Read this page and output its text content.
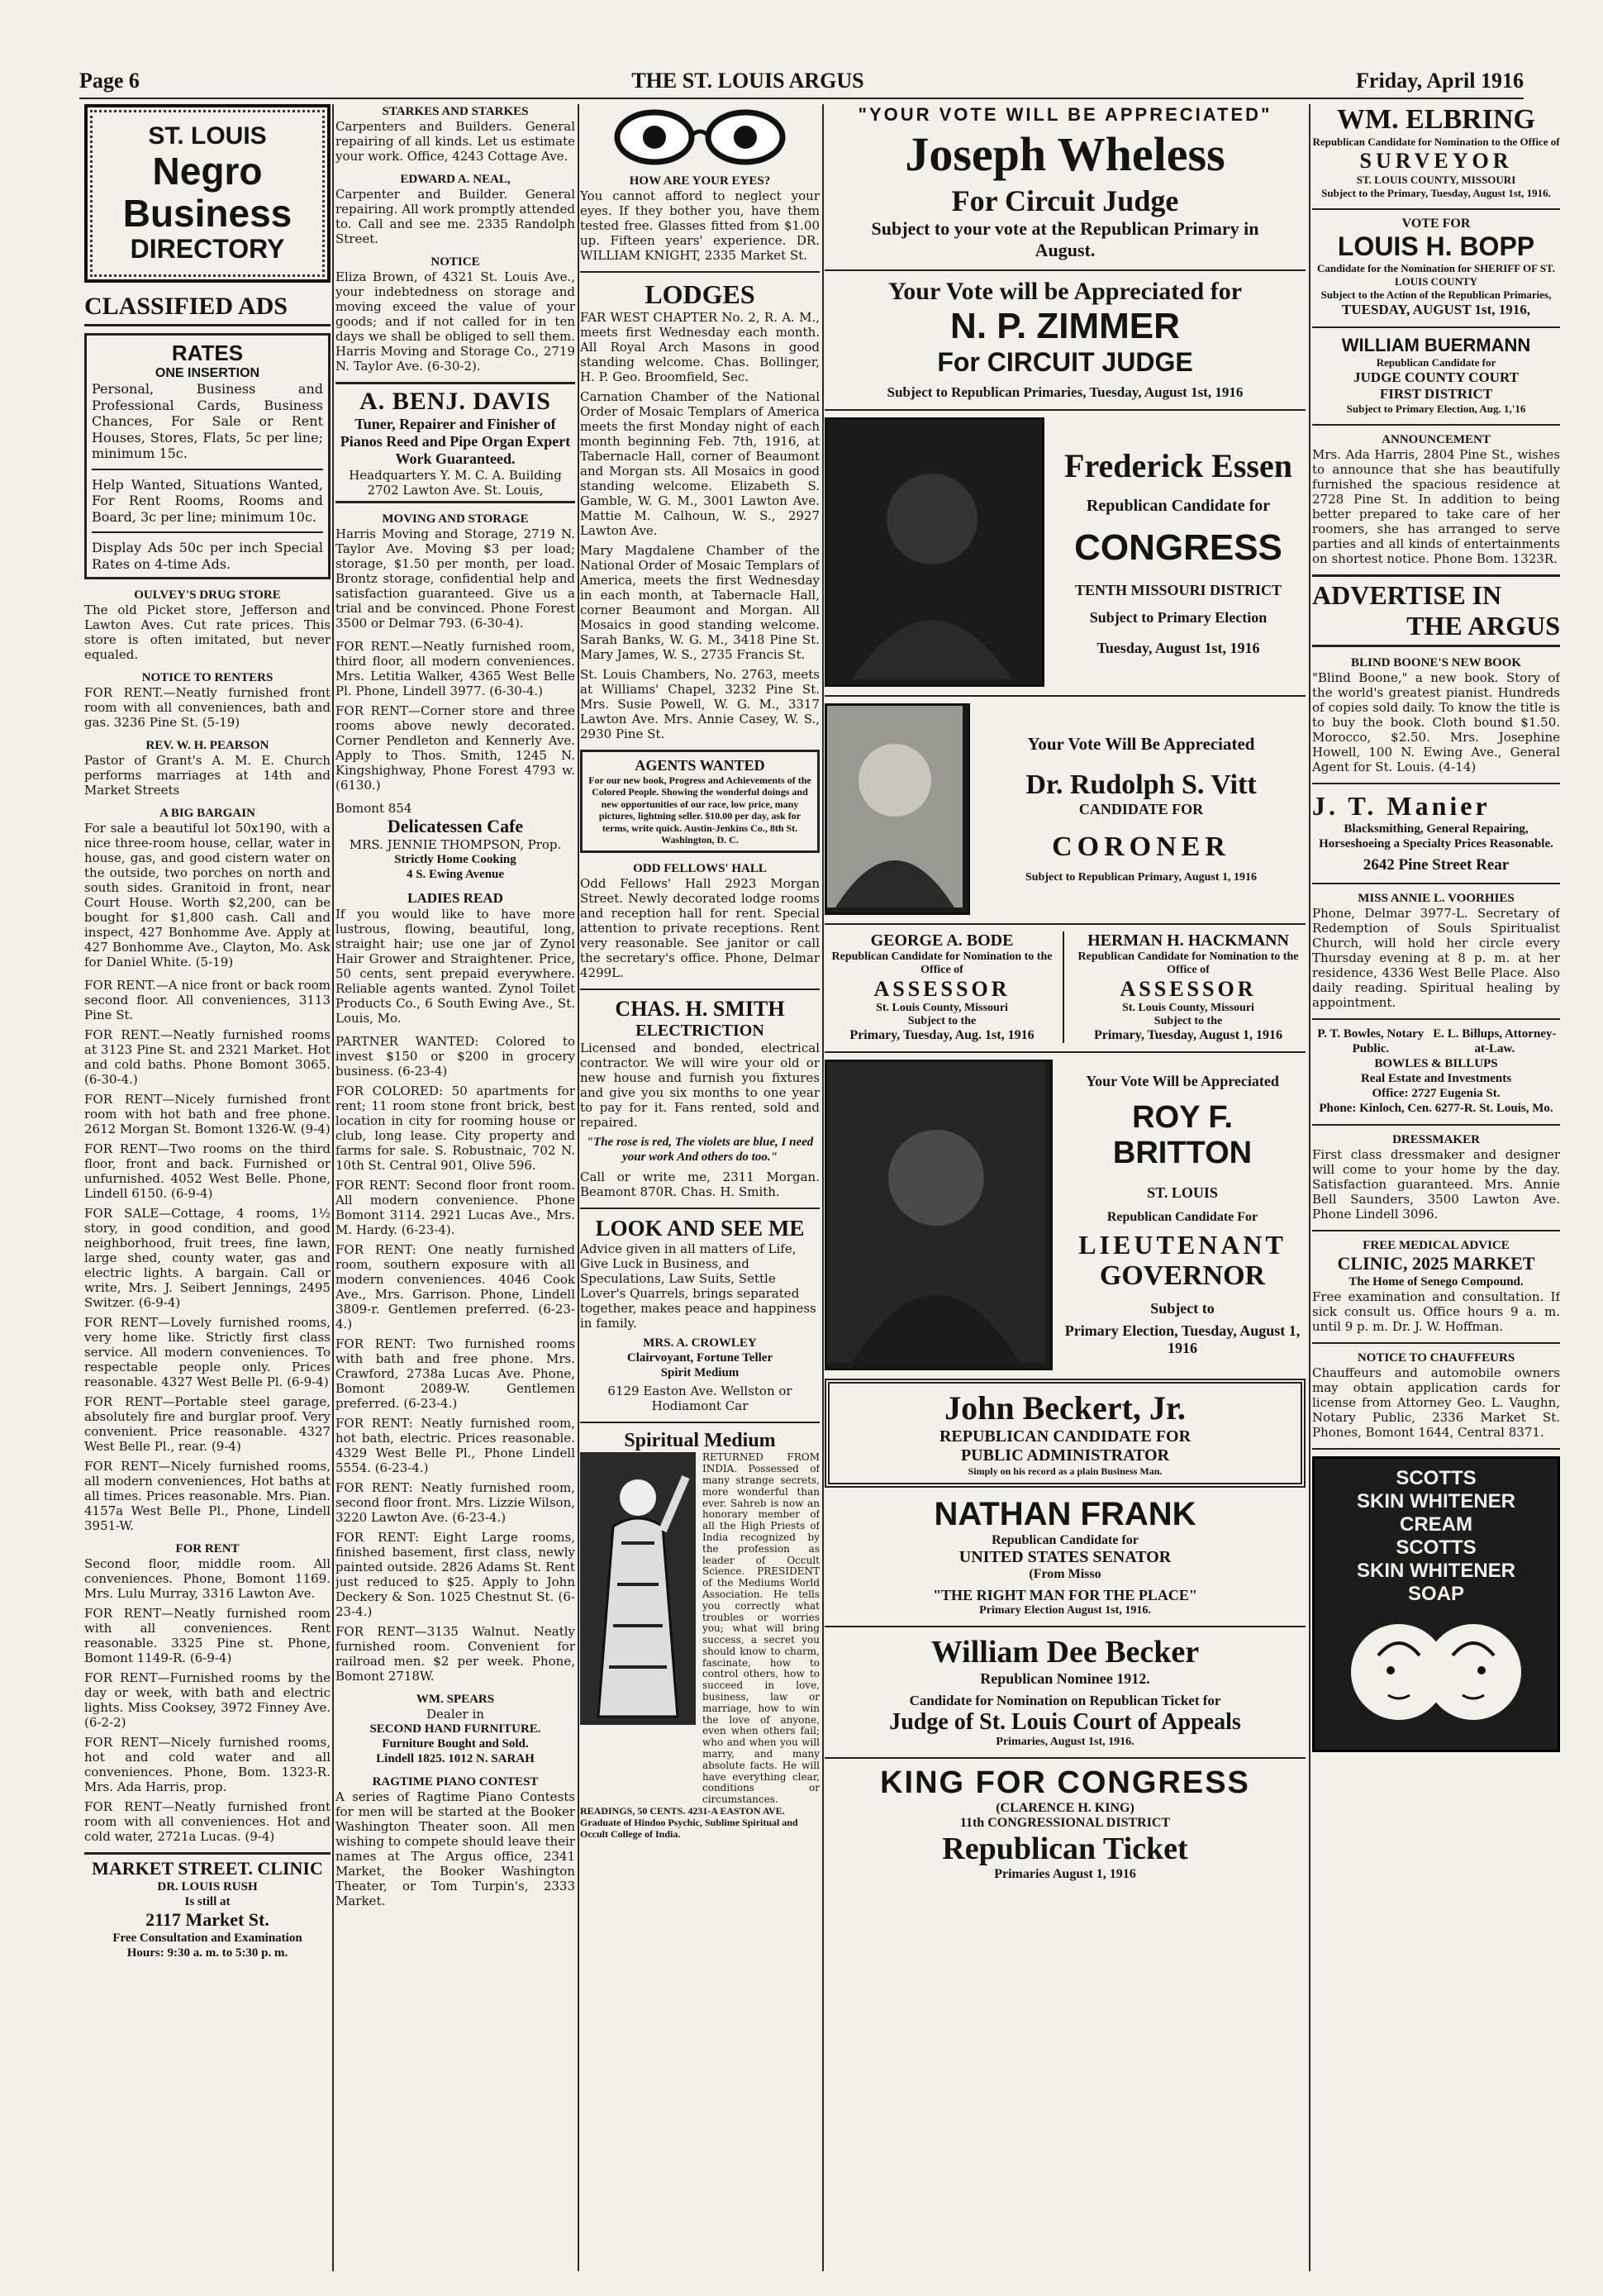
Page 6	THE ST. LOUIS ARGUS	Friday, April 1916

ST. LOUIS

Negro Business

DIRECTORY

CLASSIFIED ADS

RATES

ONE INSERTION

Personal, Business and Professional Cards, Business Chances, For Sale or Rent Houses, Stores, Flats, 5c per line; minimum 15c.

Help Wanted, Situations Wanted, For Rent Rooms, Rooms and Board, 3c per line; minimum 10c.

Display Ads 50c per inch Special Rates on 4-time Ads.

OULVEY'S DRUG STORE

The old Picket store, Jefferson and Lawton Aves. Cut rate prices. This store is often imitated, but never equaled.

NOTICE TO RENTERS

FOR RENT.—Neatly furnished front room with all conveniences, bath and gas. 3236 Pine St. (5-19)

REV. W. H. PEARSON

Pastor of Grant's A. M. E. Church performs marriages at 14th and Market Streets

A BIG BARGAIN

For sale a beautiful lot 50x190, with a nice three-room house, cellar, water in house, gas, and good cistern water on the outside, two porches on north and south sides. Granitoid in front, near Court House. Worth $2,200, can be bought for $1,800 cash. Call and inspect, 427 Bonhomme Ave. Apply at 427 Bonhomme Ave., Clayton, Mo. Ask for Daniel White. (5-19)

FOR RENT.—A nice front or back room second floor. All conveniences, 3113 Pine St.

FOR RENT.—Neatly furnished rooms at 3123 Pine St. and 2321 Market. Hot and cold baths. Phone Bomont 3065. (6-30-4.)

FOR RENT—Nicely furnished front room with hot bath and free phone. 2612 Morgan St. Bomont 1326-W. (9-4)

FOR RENT—Two rooms on the third floor, front and back. Furnished or unfurnished. 4052 West Belle. Phone, Lindell 6150. (6-9-4)

FOR SALE—Cottage, 4 rooms, 1½ story, in good condition, and good neighborhood, fruit trees, fine lawn, large shed, county water, gas and electric lights. A bargain. Call or write, Mrs. J. Seibert Jennings, 2495 Switzer. (6-9-4)

FOR RENT—Lovely furnished rooms, very home like. Strictly first class service. All modern conveniences. To respectable people only. Prices reasonable. 4327 West Belle Pl. (6-9-4)

FOR RENT—Portable steel garage, absolutely fire and burglar proof. Very convenient. Price reasonable. 4327 West Belle Pl., rear. (9-4)

FOR RENT—Nicely furnished rooms, all modern conveniences, Hot baths at all times. Prices reasonable. Mrs. Pian. 4157a West Belle Pl., Phone, Lindell 3951-W.

FOR RENT

Second floor, middle room. All conveniences. Phone, Bomont 1169. Mrs. Lulu Murray, 3316 Lawton Ave.

FOR RENT—Neatly furnished room with all conveniences. Rent reasonable. 3325 Pine st. Phone, Bomont 1149-R. (6-9-4)

FOR RENT—Furnished rooms by the day or week, with bath and electric lights. Miss Cooksey, 3972 Finney Ave. (6-2-2)

FOR RENT—Nicely furnished rooms, hot and cold water and all conveniences. Phone, Bom. 1323-R. Mrs. Ada Harris, prop.

FOR RENT—Neatly furnished front room with all conveniences. Hot and cold water, 2721a Lucas. (9-4)

MARKET STREET. CLINIC

DR. LOUIS RUSH

Is still at

2117 Market St.

Free Consultation and Examination

Hours: 9:30 a. m. to 5:30 p. m.

STARKES AND STARKES

Carpenters and Builders. General repairing of all kinds. Let us estimate your work. Office, 4243 Cottage Ave.

EDWARD A. NEAL,

Carpenter and Builder. General repairing. All work promptly attended to. Call and see me. 2335 Randolph Street.

NOTICE

Eliza Brown, of 4321 St. Louis Ave., your indebtedness on storage and moving exceed the value of your goods; and if not called for in ten days we shall be obliged to sell them. Harris Moving and Storage Co., 2719 N. Taylor Ave. (6-30-2).

A. BENJ. DAVIS

Tuner, Repairer and Finisher of Pianos Reed and Pipe Organ Expert Work Guaranteed.

Headquarters Y. M. C. A. Building

2702 Lawton Ave. St. Louis,

MOVING AND STORAGE

Harris Moving and Storage, 2719 N. Taylor Ave. Moving $3 per load; storage, $1.50 per month, per load. Brontz storage, confidential help and satisfaction guaranteed. Give us a trial and be convinced. Phone Forest 3500 or Delmar 793. (6-30-4).

FOR RENT.—Neatly furnished room, third floor, all modern conveniences. Mrs. Letitia Walker, 4365 West Belle Pl. Phone, Lindell 3977. (6-30-4.)

FOR RENT—Corner store and three rooms above newly decorated. Corner Pendleton and Kennerly Ave. Apply to Thos. Smith, 1245 N. Kingshighway, Phone Forest 4793 w. (6130.)

Bomont 854

Delicatessen Cafe

MRS. JENNIE THOMPSON, Prop.

Strictly Home Cooking

4 S. Ewing Avenue

LADIES READ

If you would like to have more lustrous, flowing, beautiful, long, straight hair; use one jar of Zynol Hair Grower and Straightener. Price, 50 cents, sent prepaid everywhere. Reliable agents wanted. Zynol Toilet Products Co., 6 South Ewing Ave., St. Louis, Mo.

PARTNER WANTED: Colored to invest $150 or $200 in grocery business. (6-23-4)

FOR COLORED: 50 apartments for rent; 11 room stone front brick, best location in city for rooming house or club, long lease. City property and farms for sale. S. Robustnaic, 702 N. 10th St. Central 901, Olive 596.

FOR RENT: Second floor front room. All modern convenience. Phone Bomont 3114. 2921 Lucas Ave., Mrs. M. Hardy. (6-23-4).

FOR RENT: One neatly furnished room, southern exposure with all modern conveniences. 4046 Cook Ave., Mrs. Garrison. Phone, Lindell 3809-r. Gentlemen preferred. (6-23-4.)

FOR RENT: Two furnished rooms with bath and free phone. Mrs. Crawford, 2738a Lucas Ave. Phone, Bomont 2089-W. Gentlemen preferred. (6-23-4.)

FOR RENT: Neatly furnished room, hot bath, electric. Prices reasonable. 4329 West Belle Pl., Phone Lindell 5554. (6-23-4.)

FOR RENT: Neatly furnished room, second floor front. Mrs. Lizzie Wilson, 3220 Lawton Ave. (6-23-4.)

FOR RENT: Eight Large rooms, finished basement, first class, newly painted outside. 2826 Adams St. Rent just reduced to $25. Apply to John Deckery & Son. 1025 Chestnut St. (6-23-4.)

FOR RENT—3135 Walnut. Neatly furnished room. Convenient for railroad men. $2 per week. Phone, Bomont 2718W.

WM. SPEARS

Dealer in

SECOND HAND FURNITURE.

Furniture Bought and Sold.

Lindell 1825. 1012 N. SARAH

RAGTIME PIANO CONTEST

A series of Ragtime Piano Contests for men will be started at the Booker Washington Theater soon. All men wishing to compete should leave their names at The Argus office, 2341 Market, the Booker Washington Theater, or Tom Turpin's, 2333 Market.

HOW ARE YOUR EYES?

You cannot afford to neglect your eyes. If they bother you, have them tested free. Glasses fitted from $1.00 up. Fifteen years' experience. DR. WILLIAM KNIGHT, 2335 Market St.

LODGES

FAR WEST CHAPTER No. 2, R. A. M., meets first Wednesday each month. All Royal Arch Masons in good standing welcome. Chas. Bollinger, H. P. Geo. Broomfield, Sec.

Carnation Chamber of the National Order of Mosaic Templars of America meets the first Monday night of each month beginning Feb. 7th, 1916, at Tabernacle Hall, corner of Beaumont and Morgan sts. All Mosaics in good standing welcome. Elizabeth S. Gamble, W. G. M., 3001 Lawton Ave. Mattie M. Calhoun, W. S., 2927 Lawton Ave.

Mary Magdalene Chamber of the National Order of Mosaic Templars of America, meets the first Wednesday in each month, at Tabernacle Hall, corner Beaumont and Morgan. All Mosaics in good standing welcome. Sarah Banks, W. G. M., 3418 Pine St. Mary James, W. S., 2735 Francis St.

St. Louis Chambers, No. 2763, meets at Williams' Chapel, 3232 Pine St. Mrs. Susie Powell, W. G. M., 3317 Lawton Ave. Mrs. Annie Casey, W. S., 2930 Pine St.

AGENTS WANTED

For our new book, Progress and Achievements of the Colored People. Showing the wonderful doings and new opportunities of our race, low price, many pictures, lightning seller. $10.00 per day, ask for terms, write quick. Austin-Jenkins Co., 8th St. Washington, D. C.

ODD FELLOWS' HALL

Odd Fellows' Hall 2923 Morgan Street. Newly decorated lodge rooms and reception hall for rent. Special attention to private receptions. Rent very reasonable. See janitor or call the secretary's office. Phone, Delmar 4299L.

CHAS. H. SMITH

ELECTRICTION

Licensed and bonded, electrical contractor. We will wire your old or new house and furnish you fixtures and give you six months to one year to pay for it. Fans rented, sold and repaired.

"The rose is red, The violets are blue, I need your work And others do too."

Call or write me, 2311 Morgan. Beamont 870R. Chas. H. Smith.

LOOK AND SEE ME

Advice given in all matters of Life, Give Luck in Business, and Speculations, Law Suits, Settle Lover's Quarrels, brings separated together, makes peace and happiness in family.

MRS. A. CROWLEY

Clairvoyant, Fortune Teller

Spirit Medium

6129 Easton Ave. Wellston or Hodiamont Car

Spiritual Medium

RETURNED FROM INDIA. Possessed of many strange secrets, more wonderful than ever. Sahreb is now an honorary member of all the High Priests of India recognized by the profession as leader of Occult Science. PRESIDENT of the Mediums World Association. He tells you correctly what troubles or worries you; what will bring success, a secret you should know to charm, fascinate, how to control others, how to succeed in love, business, law or marriage, how to win the love of anyone, even when others fail; who and when you will marry, and many absolute facts. He will have everything clear, conditions or circumstances.

READINGS, 50 CENTS. 4231-A EASTON AVE. Graduate of Hindoo Psychic, Sublime Spiritual and Occult College of India.

"YOUR VOTE WILL BE APPRECIATED"

Joseph Wheless

For Circuit Judge

Subject to your vote at the Republican Primary in August.

Your Vote will be Appreciated for

N. P. ZIMMER

For CIRCUIT JUDGE

Subject to Republican Primaries, Tuesday, August 1st, 1916

Frederick Essen

Republican Candidate for

CONGRESS

TENTH MISSOURI DISTRICT

Subject to Primary Election

Tuesday, August 1st, 1916

Your Vote Will Be Appreciated

Dr. Rudolph S. Vitt

CANDIDATE FOR

CORONER

Subject to Republican Primary, August 1, 1916

GEORGE A. BODE

Republican Candidate for Nomination to the Office of

ASSESSOR

St. Louis County, Missouri

Subject to the

Primary, Tuesday, Aug. 1st, 1916

HERMAN H. HACKMANN

Republican Candidate for Nomination to the Office of

ASSESSOR

St. Louis County, Missouri

Subject to the

Primary, Tuesday, August 1, 1916

Your Vote Will be Appreciated

ROY F. BRITTON

ST. LOUIS

Republican Candidate For

LIEUTENANT

GOVERNOR

Subject to

Primary Election, Tuesday, August 1, 1916

John Beckert, Jr.

REPUBLICAN CANDIDATE FOR

PUBLIC ADMINISTRATOR

Simply on his record as a plain Business Man.

NATHAN FRANK

Republican Candidate for

UNITED STATES SENATOR

(From Misso

"THE RIGHT MAN FOR THE PLACE"

Primary Election August 1st, 1916.

William Dee Becker

Republican Nominee 1912.

Candidate for Nomination on Republican Ticket for

Judge of St. Louis Court of Appeals

Primaries, August 1st, 1916.

KING FOR CONGRESS

(CLARENCE H. KING)

11th CONGRESSIONAL DISTRICT

Republican Ticket

Primaries August 1, 1916

WM. ELBRING

Republican Candidate for Nomination to the Office of

SURVEYOR

ST. LOUIS COUNTY, MISSOURI

Subject to the Primary, Tuesday, August 1st, 1916.

VOTE FOR

LOUIS H. BOPP

Candidate for the Nomination for SHERIFF OF ST. LOUIS COUNTY

Subject to the Action of the Republican Primaries,

TUESDAY, AUGUST 1st, 1916,

WILLIAM BUERMANN

Republican Candidate for

JUDGE COUNTY COURT

FIRST DISTRICT

Subject to Primary Election, Aug. 1,'16

ANNOUNCEMENT

Mrs. Ada Harris, 2804 Pine St., wishes to announce that she has beautifully furnished the spacious residence at 2728 Pine St. In addition to being better prepared to take care of her roomers, she has arranged to serve parties and all kinds of entertainments on shortest notice. Phone Bom. 1323R.

ADVERTISE IN

THE ARGUS

BLIND BOONE'S NEW BOOK

"Blind Boone," a new book. Story of the world's greatest pianist. Hundreds of copies sold daily. To know the title is to buy the book. Cloth bound $1.50. Morocco, $2.50. Mrs. Josephine Howell, 100 N. Ewing Ave., General Agent for St. Louis. (4-14)

J. T. Manier

Blacksmithing, General Repairing, Horseshoeing a Specialty Prices Reasonable.

2642 Pine Street Rear

MISS ANNIE L. VOORHIES

Phone, Delmar 3977-L. Secretary of Redemption of Souls Spiritualist Church, will hold her circle every Thursday evening at 8 p. m. at her residence, 4336 West Belle Place. Also daily reading. Spiritual healing by appointment.

P. T. Bowles, Notary Public.

E. L. Billups, Attorney-at-Law.

BOWLES & BILLUPS

Real Estate and Investments

Office: 2727 Eugenia St.

Phone: Kinloch, Cen. 6277-R. St. Louis, Mo.

DRESSMAKER

First class dressmaker and designer will come to your home by the day. Satisfaction guaranteed. Mrs. Annie Bell Saunders, 3500 Lawton Ave. Phone Lindell 3096.

FREE MEDICAL ADVICE

CLINIC, 2025 MARKET

The Home of Senego Compound.

Free examination and consultation. If sick consult us. Office hours 9 a. m. until 9 p. m. Dr. J. W. Hoffman.

NOTICE TO CHAUFFEURS

Chauffeurs and automobile owners may obtain application cards for license from Attorney Geo. L. Vaughn, Notary Public, 2336 Market St. Phones, Bomont 1644, Central 8371.

SCOTTS

SKIN WHITENER

CREAM

SCOTTS

SKIN WHITENER

SOAP
